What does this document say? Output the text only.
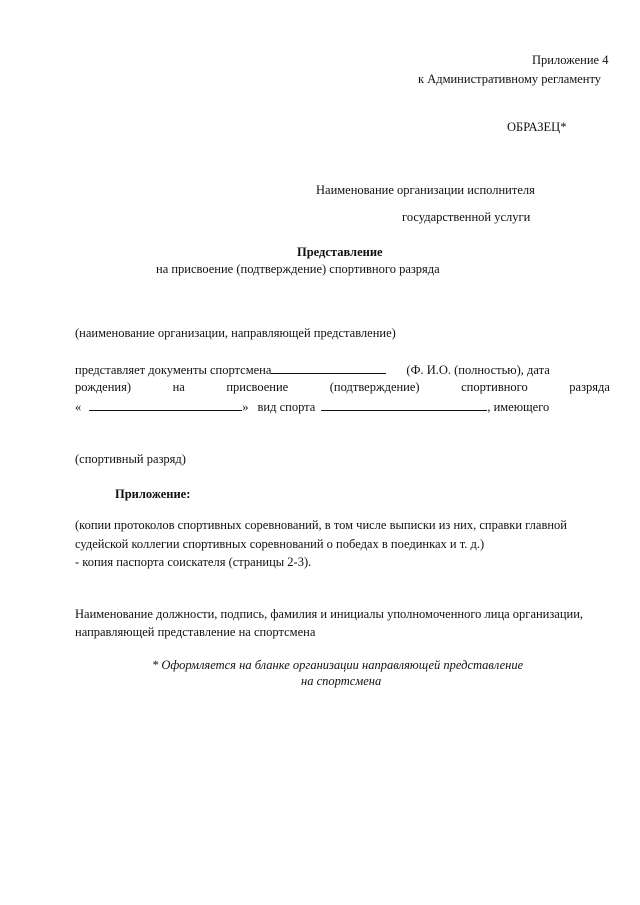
Приложение 4
к Административному регламенту
ОБРАЗЕЦ*
Наименование организации исполнителя
государственной услуги
Представление
на присвоение (подтверждение) спортивного разряда
(наименование организации, направляющей представление)
представляет документы спортсмена	(Ф. И.О. (полностью), дата
рождения)	на	присвоение	(подтверждение)	спортивного	разряда
«	» вид спорта	, имеющего
(спортивный разряд)
Приложение:
(копии протоколов спортивных соревнований, в том числе выписки из них, справки главной
судейской коллегии спортивных соревнований о победах в поединках и т. д.)
- копия паспорта соискателя (страницы 2-3).
Наименование должности, подпись, фамилия и инициалы уполномоченного лица организации,
направляющей представление на спортсмена
* Оформляется на бланке организации направляющей представление
на спортсмена
